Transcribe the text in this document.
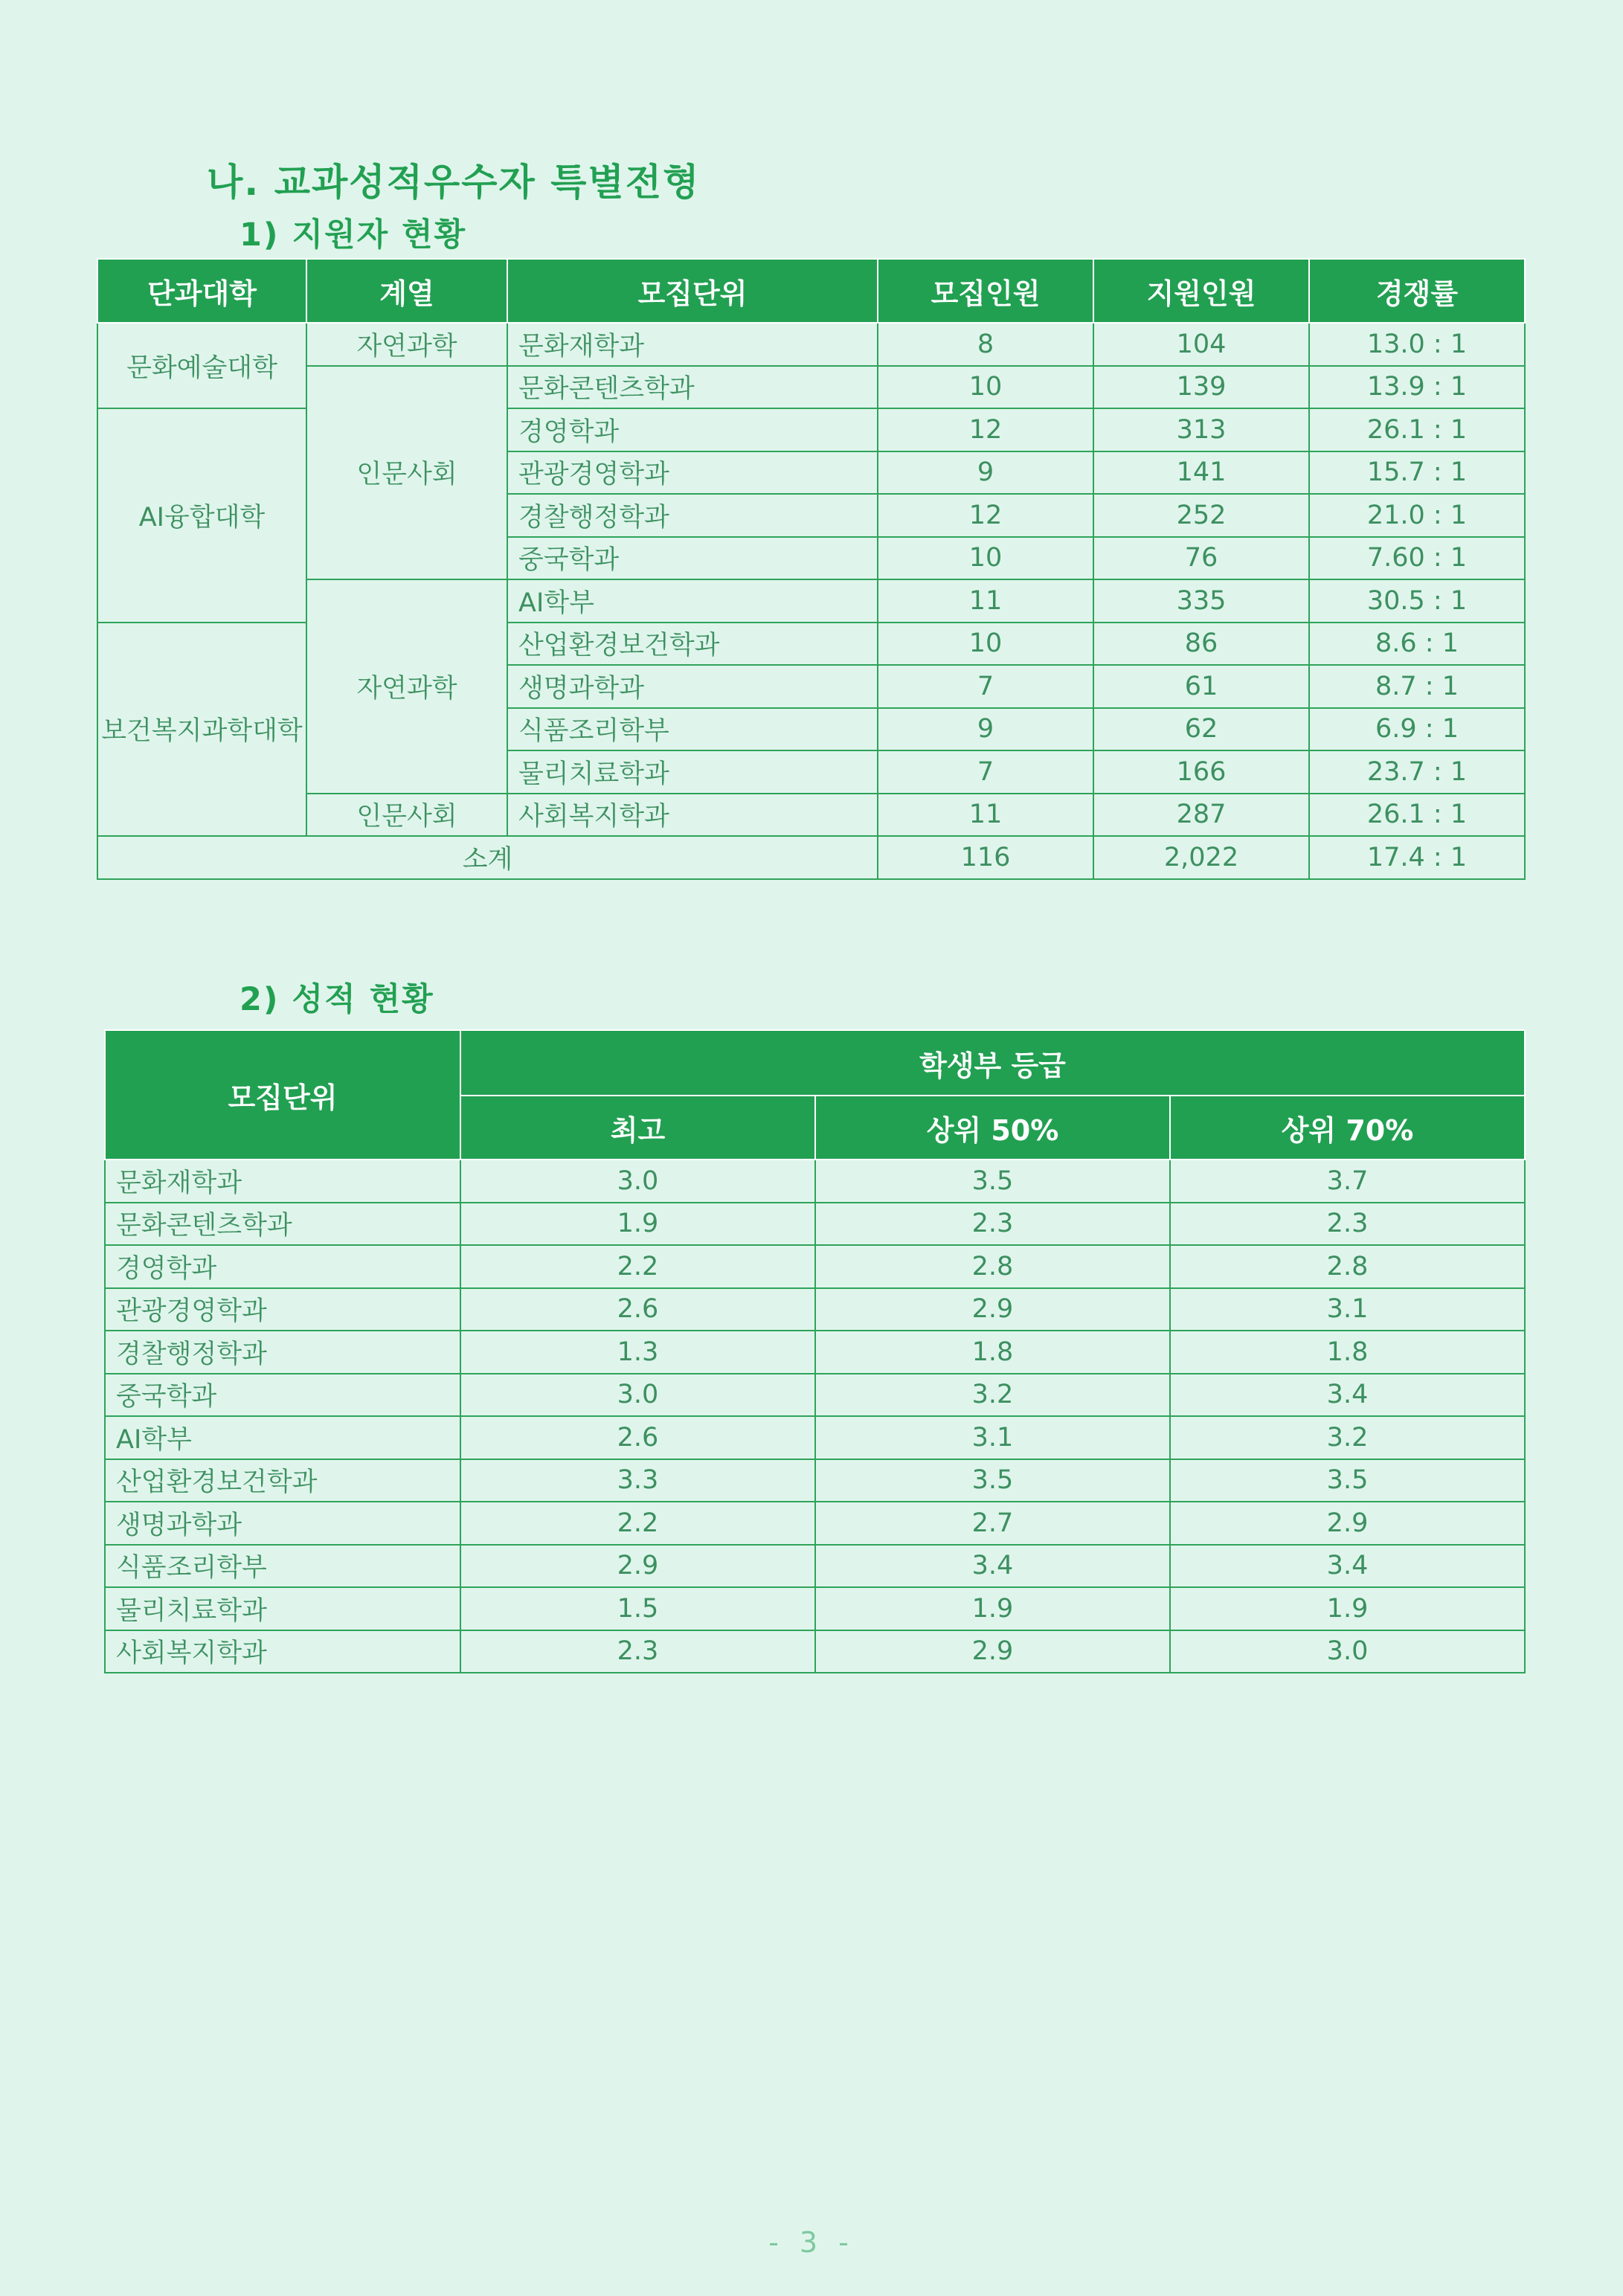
나. 교과성적우수자 특별전형
1) 지원자 현황
단과대학	계열	모집단위	모집인원	지원인원	경쟁률
문화예술대학	자연과학	문화재학과	8	104	13.0 : 1
	인문사회	문화콘텐츠학과	10	139	13.9 : 1
AI융합대학		경영학과	12	313	26.1 : 1
		관광경영학과	9	141	15.7 : 1
		경찰행정학과	12	252	21.0 : 1
		중국학과	10	76	7.60 : 1
	자연과학	AI학부	11	335	30.5 : 1
보건복지과학대학		산업환경보건학과	10	86	8.6 : 1
		생명과학과	7	61	8.7 : 1
		식품조리학부	9	62	6.9 : 1
		물리치료학과	7	166	23.7 : 1
	인문사회	사회복지학과	11	287	26.1 : 1
소계			116	2,022	17.4 : 1
2) 성적 현황
모집단위	학생부 등급		
	최고	상위 50%	상위 70%
문화재학과	3.0	3.5	3.7
문화콘텐츠학과	1.9	2.3	2.3
경영학과	2.2	2.8	2.8
관광경영학과	2.6	2.9	3.1
경찰행정학과	1.3	1.8	1.8
중국학과	3.0	3.2	3.4
AI학부	2.6	3.1	3.2
산업환경보건학과	3.3	3.5	3.5
생명과학과	2.2	2.7	2.9
식품조리학부	2.9	3.4	3.4
물리치료학과	1.5	1.9	1.9
사회복지학과	2.3	2.9	3.0
- 3 -
